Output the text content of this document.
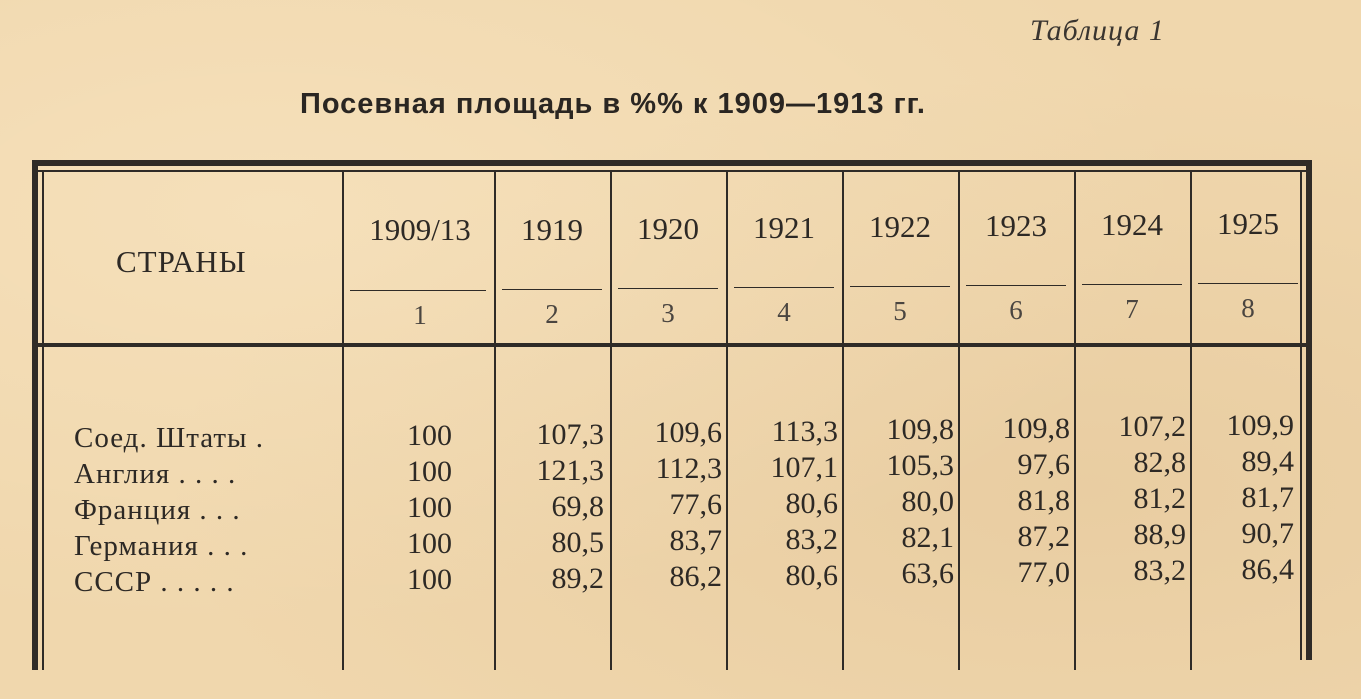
Таблица 1
Посевная площадь в %% к 1909—1913 гг.
СТРАНЫ
1909/13	1919	1920	1921	1922	1923	1924	1925
1	2	3	4	5	6	7	8
Соед. Штаты .	100	107,3	109,6	113,3	109,8	109,8	107,2	109,9
Англия . . . .	100	121,3	112,3	107,1	105,3	97,6	82,8	89,4
Франция . . .	100	69,8	77,6	80,6	80,0	81,8	81,2	81,7
Германия . . .	100	80,5	83,7	83,2	82,1	87,2	88,9	90,7
СССР . . . . .	100	89,2	86,2	80,6	63,6	77,0	83,2	86,4
